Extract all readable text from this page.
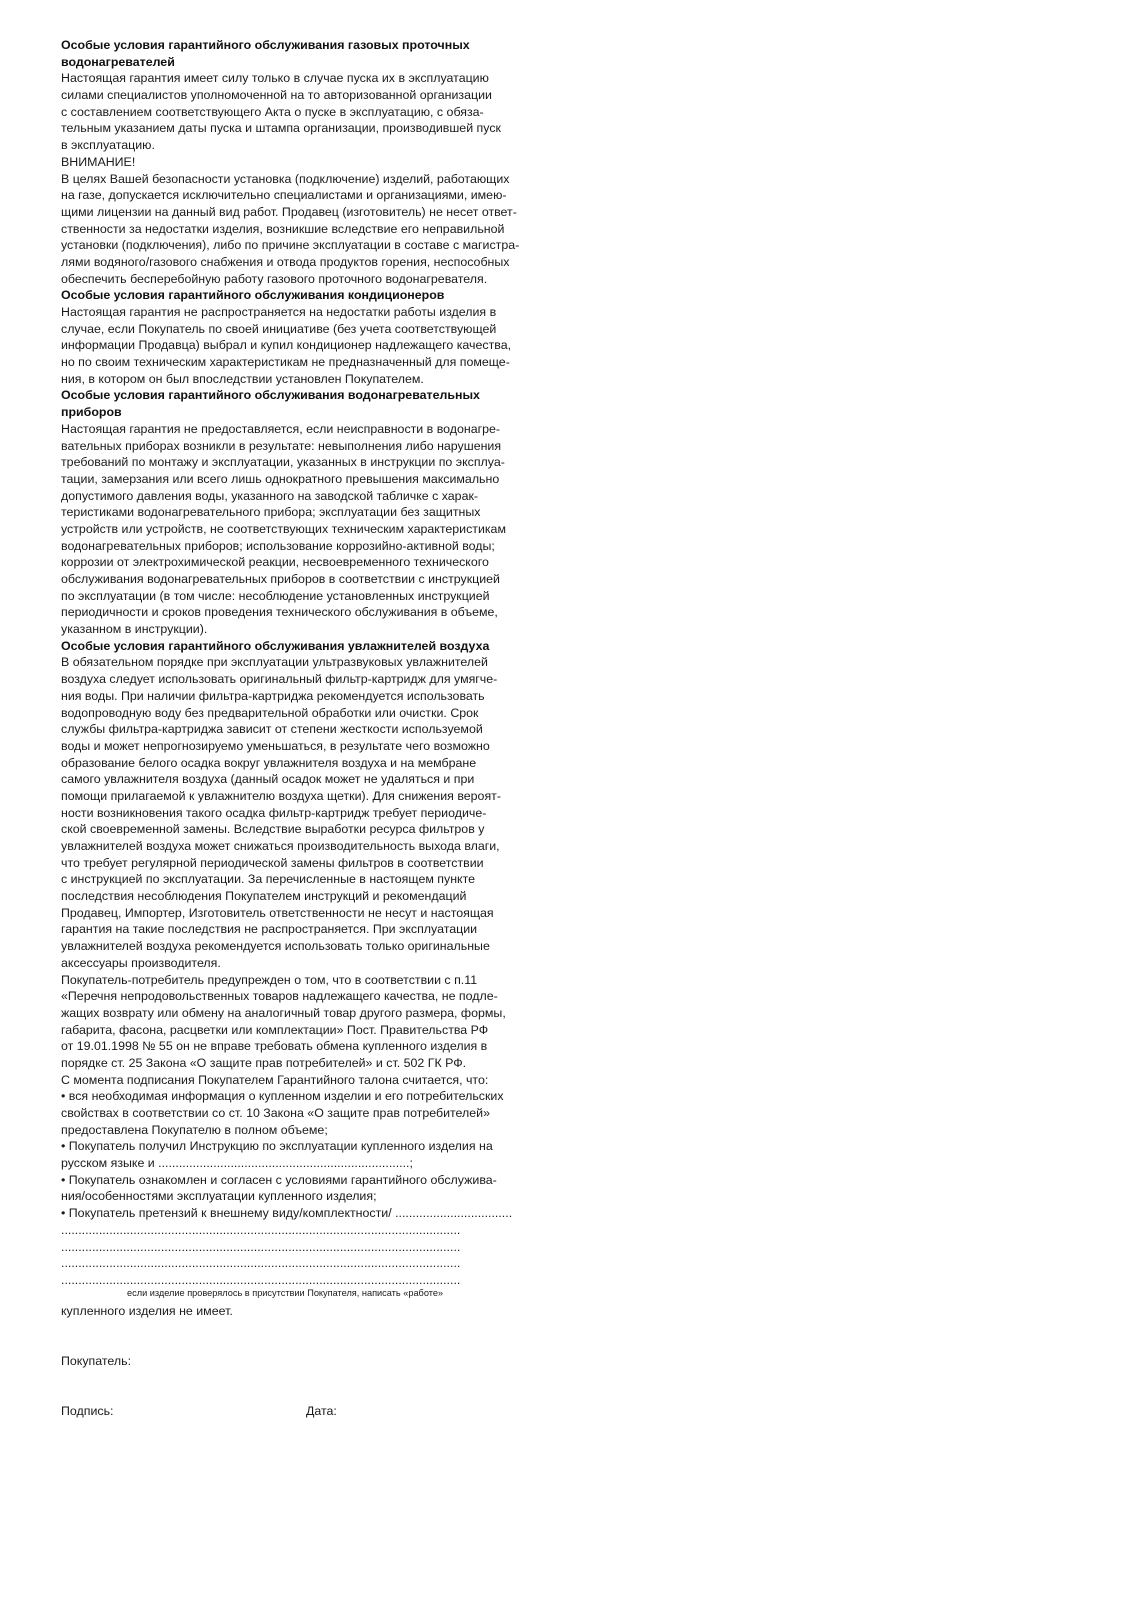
Особые условия гарантийного обслуживания газовых проточных
водонагревателей
Настоящая гарантия имеет силу только в случае пуска их в эксплуатацию
силами специалистов уполномоченной на то авторизованной организации
с составлением соответствующего Акта о пуске в эксплуатацию, с обяза-
тельным указанием даты пуска и штампа организации, производившей пуск
в эксплуатацию.
ВНИМАНИЕ!
В целях Вашей безопасности установка (подключение) изделий, работающих
на газе, допускается исключительно специалистами и организациями, имею-
щими лицензии на данный вид работ. Продавец (изготовитель) не несет ответ-
ственности за недостатки изделия, возникшие вследствие его неправильной
установки (подключения), либо по причине эксплуатации в составе с магистра-
лями водяного/газового снабжения и отвода продуктов горения, неспособных
обеспечить бесперебойную работу газового проточного водонагревателя.
Особые условия гарантийного обслуживания кондиционеров
Настоящая гарантия не распространяется на недостатки работы изделия в
случае, если Покупатель по своей инициативе (без учета соответствующей
информации Продавца) выбрал и купил кондиционер надлежащего качества,
но по своим техническим характеристикам не предназначенный для помеще-
ния, в котором он был впоследствии установлен Покупателем.
Особые условия гарантийного обслуживания водонагревательных
приборов
Настоящая гарантия не предоставляется, если неисправности в водонагре-
вательных приборах возникли в результате: невыполнения либо нарушения
требований по монтажу и эксплуатации, указанных в инструкции по эксплуа-
тации, замерзания или всего лишь однократного превышения максимально
допустимого давления воды, указанного на заводской табличке с харак-
теристиками водонагревательного прибора; эксплуатации без защитных
устройств или устройств, не соответствующих техническим характеристикам
водонагревательных приборов; использование коррозийно-активной воды;
коррозии от электрохимической реакции, несвоевременного технического
обслуживания водонагревательных приборов в соответствии с инструкцией
по эксплуатации (в том числе: несоблюдение установленных инструкцией
периодичности и сроков проведения технического обслуживания в объеме,
указанном в инструкции).
Особые условия гарантийного обслуживания увлажнителей воздуха
В обязательном порядке при эксплуатации ультразвуковых увлажнителей
воздуха следует использовать оригинальный фильтр-картридж для умягче-
ния воды. При наличии фильтра-картриджа рекомендуется использовать
водопроводную воду без предварительной обработки или очистки. Срок
службы фильтра-картриджа зависит от степени жесткости используемой
воды и может непрогнозируемо уменьшаться, в результате чего возможно
образование белого осадка вокруг увлажнителя воздуха и на мембране
самого увлажнителя воздуха (данный осадок может не удаляться и при
помощи прилагаемой к увлажнителю воздуха щетки). Для снижения вероят-
ности возникновения такого осадка фильтр-картридж требует периодиче-
ской своевременной замены. Вследствие выработки ресурса фильтров у
увлажнителей воздуха может снижаться производительность выхода влаги,
что требует регулярной периодической замены фильтров в соответствии
с инструкцией по эксплуатации. За перечисленные в настоящем пункте
последствия несоблюдения Покупателем инструкций и рекомендаций
Продавец, Импортер, Изготовитель ответственности не несут и настоящая
гарантия на такие последствия не распространяется. При эксплуатации
увлажнителей воздуха рекомендуется использовать только оригинальные
аксессуары производителя.
Покупатель-потребитель предупрежден о том, что в соответствии с п.11
«Перечня непродовольственных товаров надлежащего качества, не подле-
жащих возврату или обмену на аналогичный товар другого размера, формы,
габарита, фасона, расцветки или комплектации» Пост. Правительства РФ
от 19.01.1998 № 55 он не вправе требовать обмена купленного изделия в
порядке ст. 25 Закона «О защите прав потребителей» и ст. 502 ГК РФ.
С момента подписания Покупателем Гарантийного талона считается, что:
• вся необходимая информация о купленном изделии и его потребительских
свойствах в соответствии со ст. 10 Закона «О защите прав потребителей»
предоставлена Покупателю в полном объеме;
• Покупатель получил Инструкцию по эксплуатации купленного изделия на
русском языке и .........................................................................;
• Покупатель ознакомлен и согласен с условиями гарантийного обслужива-
ния/особенностями эксплуатации купленного изделия;
• Покупатель претензий к внешнему виду/комплектности/ ..................................
....................................................................................................................
....................................................................................................................
....................................................................................................................
....................................................................................................................
если изделие проверялось в присутствии Покупателя, написать «работе»
купленного изделия не имеет.
Покупатель:
Подпись:	Дата:
